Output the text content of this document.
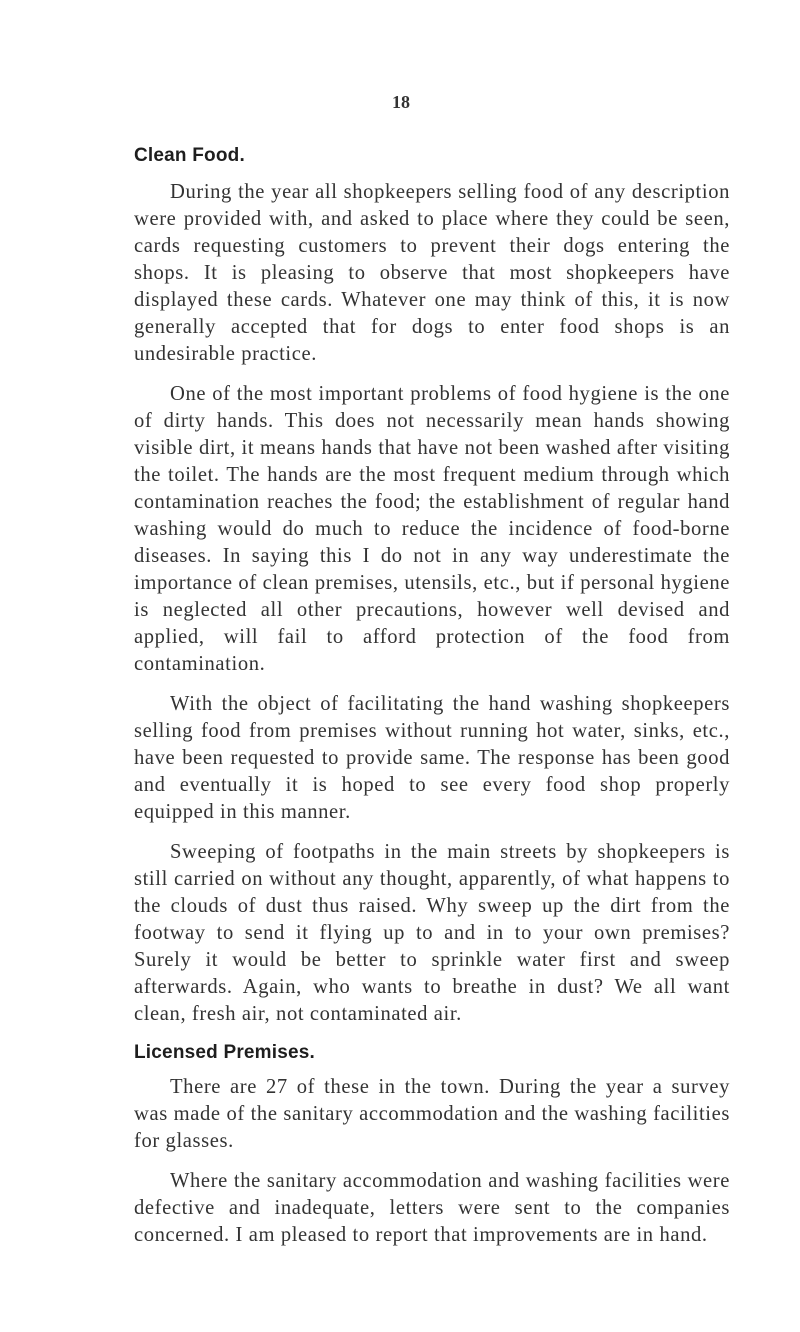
18
Clean Food.

During the year all shopkeepers selling food of any description were provided with, and asked to place where they could be seen, cards requesting customers to prevent their dogs entering the shops. It is pleasing to observe that most shopkeepers have displayed these cards. Whatever one may think of this, it is now generally accepted that for dogs to enter food shops is an undesirable practice.

One of the most important problems of food hygiene is the one of dirty hands. This does not necessarily mean hands showing visible dirt, it means hands that have not been washed after visiting the toilet. The hands are the most frequent medium through which contamination reaches the food; the establishment of regular hand washing would do much to reduce the incidence of food-borne diseases. In saying this I do not in any way underestimate the importance of clean premises, utensils, etc., but if personal hygiene is neglected all other precautions, however well devised and applied, will fail to afford protection of the food from contamination.

With the object of facilitating the hand washing shopkeepers selling food from premises without running hot water, sinks, etc., have been requested to provide same. The response has been good and eventually it is hoped to see every food shop properly equipped in this manner.

Sweeping of footpaths in the main streets by shopkeepers is still carried on without any thought, apparently, of what happens to the clouds of dust thus raised. Why sweep up the dirt from the footway to send it flying up to and in to your own premises? Surely it would be better to sprinkle water first and sweep afterwards. Again, who wants to breathe in dust? We all want clean, fresh air, not contaminated air.

Licensed Premises.

There are 27 of these in the town. During the year a survey was made of the sanitary accommodation and the washing facilities for glasses.

Where the sanitary accommodation and washing facilities were defective and inadequate, letters were sent to the companies concerned. I am pleased to report that improvements are in hand.
